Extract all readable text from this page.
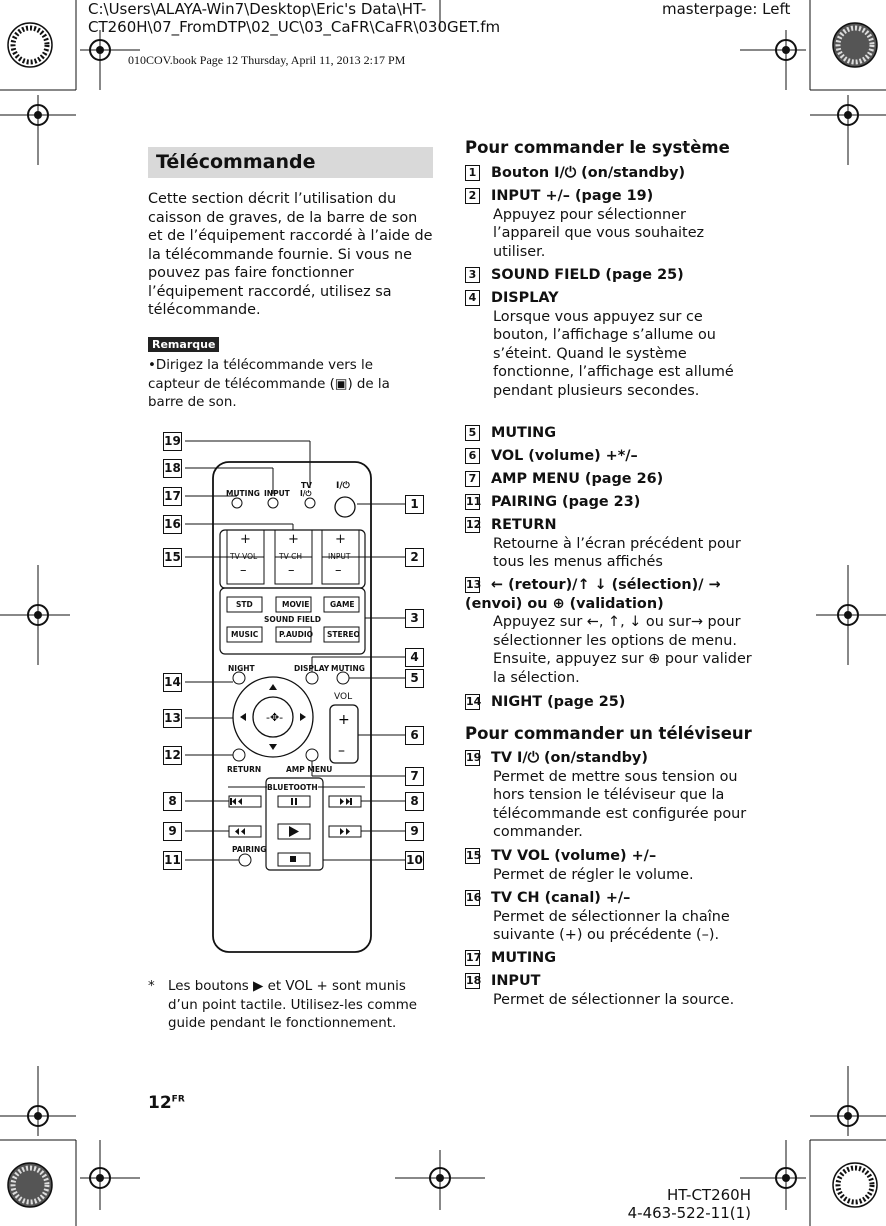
C:\Users\ALAYA-Win7\Desktop\Eric's Data\HT-
CT260H\07_FromDTP\02_UC\03_CaFR\CaFR\030GET.fm
masterpage: Left
010COV.book Page 12 Thursday, April 11, 2013 2:17 PM
Télécommande
Cette section décrit l’utilisation du caisson de graves, de la barre de son et de l’équipement raccordé à l’aide de la télécommande fournie. Si vous ne pouvez pas faire fonctionner l’équipement raccordé, utilisez sa télécommande.
Remarque
•Dirigez la télécommande vers le capteur de télécommande (▣) de la barre de son.
-✥-	+
–
TV
I/⏻
I/⏻
MUTING INPUT
+	+	+
TV VOL	TV CH	INPUT
–	–	–
STD	MOVIE	GAME
SOUND FIELD
MUSIC	P.AUDIO STEREO
NIGHT	DISPLAY MUTING
VOL
RETURN	AMP MENU
BLUETOOTH
PAIRING
19
18
17
16
15
14
13
12
8
9
11
1
2
3
4
5
6
7
8
9
10
* Les boutons ▶ et VOL + sont munis d’un point tactile. Utilisez-les comme guide pendant le fonctionnement.
Pour commander le système
1 Bouton I/⏻ (on/standby)
2 INPUT +/– (page 19)
Appuyez pour sélectionner l’appareil que vous souhaitez utiliser.
3 SOUND FIELD (page 25)
4 DISPLAY
Lorsque vous appuyez sur ce bouton, l’affichage s’allume ou s’éteint. Quand le système fonctionne, l’affichage est allumé pendant plusieurs secondes.
5 MUTING
6 VOL (volume) +*/–
7 AMP MENU (page 26)
11 PAIRING (page 23)
12 RETURN
Retourne à l’écran précédent pour tous les menus affichés
13 ← (retour)/↑ ↓ (sélection)/ → (envoi) ou ⊕ (validation)
Appuyez sur ←, ↑, ↓ ou sur→ pour sélectionner les options de menu. Ensuite, appuyez sur ⊕ pour valider la sélection.
14 NIGHT (page 25)
Pour commander un téléviseur
19 TV I/⏻ (on/standby)
Permet de mettre sous tension ou hors tension le téléviseur que la télécommande est configurée pour commander.
15 TV VOL (volume) +/–
Permet de régler le volume.
16 TV CH (canal) +/–
Permet de sélectionner la chaîne suivante (+) ou précédente (–).
17 MUTING
18 INPUT
Permet de sélectionner la source.
$12^{FR}$
HT-CT260H
4-463-522-11(1)
